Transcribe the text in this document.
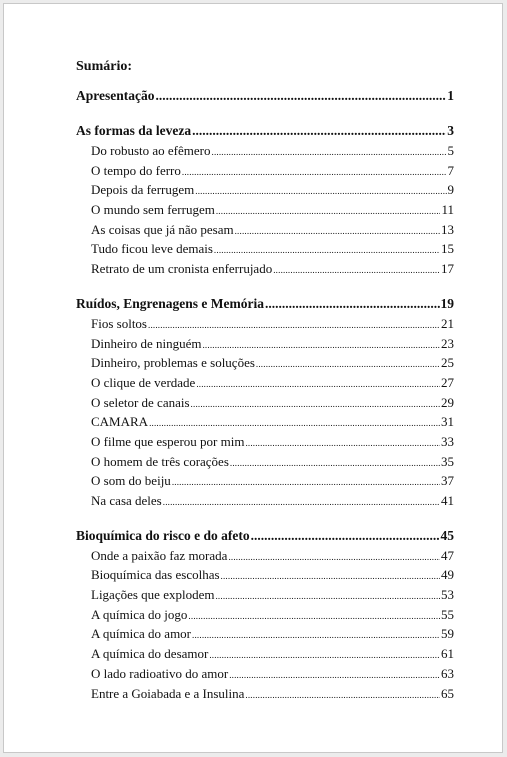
Sumário:

Apresentação .....	1
As formas da leveza .....	3
Do robusto ao efêmero .....	5
O tempo do ferro .....	7
Depois da ferrugem .....	9
O mundo sem ferrugem .....	11
As coisas que já não pesam .....	13
Tudo ficou leve demais .....	15
Retrato de um cronista enferrujado .....	17
Ruídos, Engrenagens e Memória .....	19
Fios soltos .....	21
Dinheiro de ninguém .....	23
Dinheiro, problemas e soluções .....	25
O clique de verdade .....	27
O seletor de canais .....	29
CAMARA .....	31
O filme que esperou por mim .....	33
O homem de três corações .....	35
O som do beiju .....	37
Na casa deles .....	41
Bioquímica do risco e do afeto .....	45
Onde a paixão faz morada .....	47
Bioquímica das escolhas .....	49
Ligações que explodem .....	53
A química do jogo .....	55
A química do amor .....	59
A química do desamor .....	61
O lado radioativo do amor .....	63
Entre a Goiabada e a Insulina .....	65
